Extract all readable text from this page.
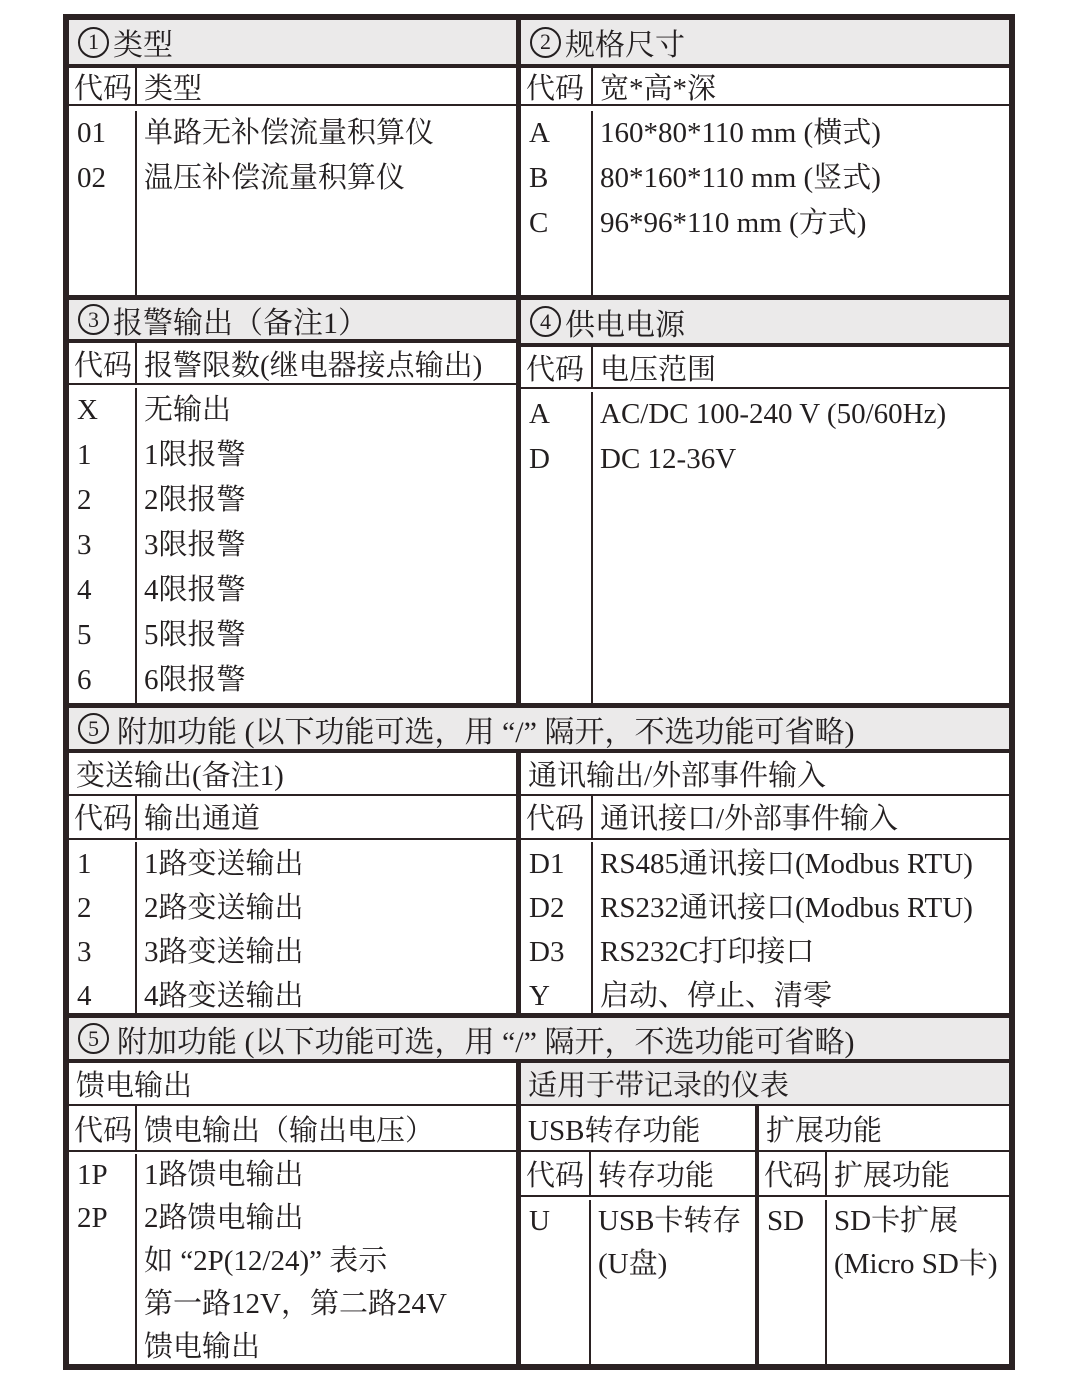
1 类型
代码 类型
01
02
单路无补偿流量积算仪
温压补偿流量积算仪
2 规格尺寸
代码 宽*高*深
A
B
C
160*80*110 mm (横式)
80*160*110 mm (竖式)
96*96*110 mm (方式)
3 报警输出（备注1）
代码 报警限数(继电器接点输出)
X
1
2
3
4
5
6
无输出
1限报警
2限报警
3限报警
4限报警
5限报警
6限报警
4 供电电源
代码 电压范围
A
D
AC/DC 100-240 V (50/60Hz)
DC 12-36V
5 附加功能 (以下功能可选，用 “/” 隔开，不选功能可省略)
变送输出(备注1)
代码 输出通道
1
2
3
4
1路变送输出
2路变送输出
3路变送输出
4路变送输出
通讯输出/外部事件输入
代码 通讯接口/外部事件输入
D1
D2
D3
Y
RS485通讯接口(Modbus RTU)
RS232通讯接口(Modbus RTU)
RS232C打印接口
启动、停止、清零
5 附加功能 (以下功能可选，用 “/” 隔开，不选功能可省略)
馈电输出
代码 馈电输出（输出电压）
1P
2P
1路馈电输出
2路馈电输出
如 “2P(12/24)” 表示
第一路12V，第二路24V
馈电输出
适用于带记录的仪表
USB转存功能
代码 转存功能
U	USB卡转存
(U盘)
扩展功能
代码 扩展功能
SD	SD卡扩展
(Micro SD卡)
